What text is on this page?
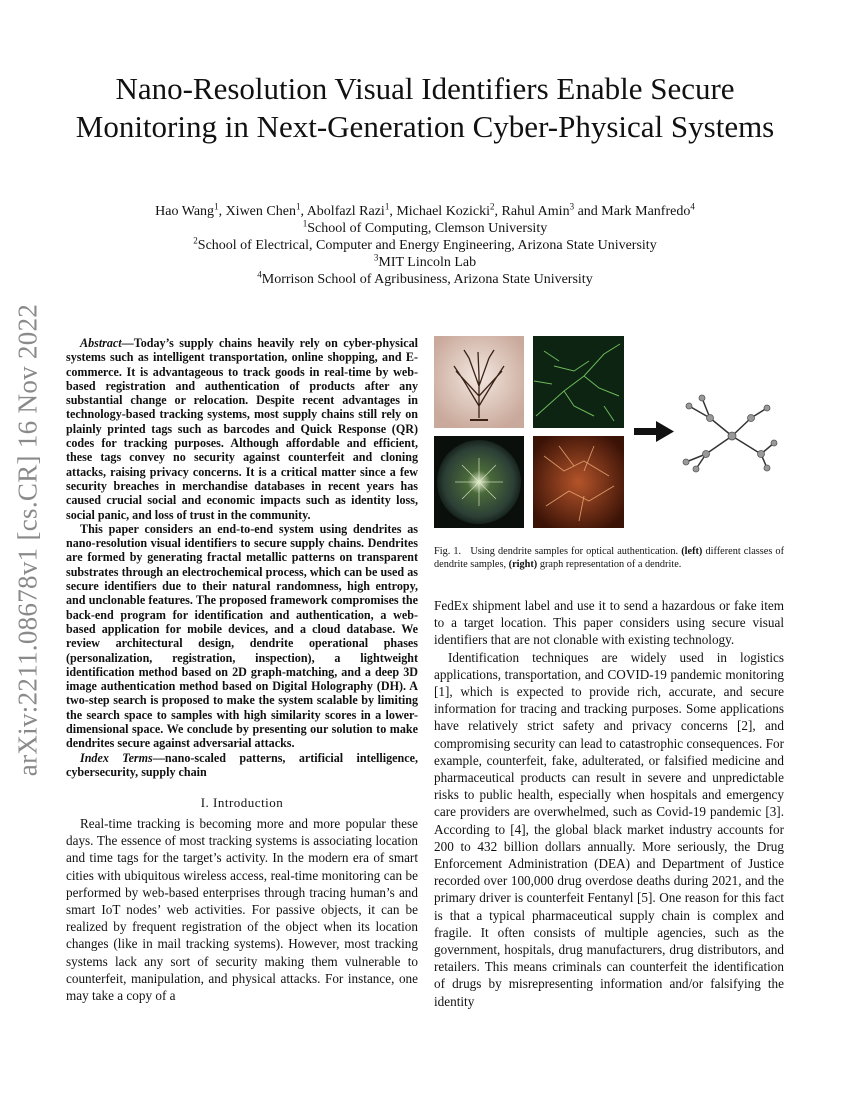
arXiv:2211.08678v1 [cs.CR] 16 Nov 2022
Nano-Resolution Visual Identifiers Enable Secure Monitoring in Next-Generation Cyber-Physical Systems
Hao Wang$^1$, Xiwen Chen$^1$, Abolfazl Razi$^1$, Michael Kozicki$^2$, Rahul Amin$^3$ and Mark Manfredo$^4$
$^1$School of Computing, Clemson University
$^2$School of Electrical, Computer and Energy Engineering, Arizona State University
$^3$MIT Lincoln Lab
$^4$Morrison School of Agribusiness, Arizona State University

Abstract—Today’s supply chains heavily rely on cyber-physical systems such as intelligent transportation, online shopping, and E-commerce. It is advantageous to track goods in real-time by web-based registration and authentication of products after any substantial change or relocation. Despite recent advantages in technology-based tracking systems, most supply chains still rely on plainly printed tags such as barcodes and Quick Response (QR) codes for tracking purposes. Although affordable and efficient, these tags convey no security against counterfeit and cloning attacks, raising privacy concerns. It is a critical matter since a few security breaches in merchandise databases in recent years has caused crucial social and economic impacts such as identity loss, social panic, and loss of trust in the community.

This paper considers an end-to-end system using dendrites as nano-resolution visual identifiers to secure supply chains. Dendrites are formed by generating fractal metallic patterns on transparent substrates through an electrochemical process, which can be used as secure identifiers due to their natural randomness, high entropy, and unclonable features. The proposed framework compromises the back-end program for identification and authentication, a web-based application for mobile devices, and a cloud database. We review architectural design, dendrite operational phases (personalization, registration, inspection), a lightweight identification method based on 2D graph-matching, and a deep 3D image authentication method based on Digital Holography (DH). A two-step search is proposed to make the system scalable by limiting the search space to samples with high similarity scores in a lower-dimensional space. We conclude by presenting our solution to make dendrites secure against adversarial attacks.

Index Terms—nano-scaled patterns, artificial intelligence, cybersecurity, supply chain

I. Introduction

Real-time tracking is becoming more and more popular these days. The essence of most tracking systems is associating location and time tags for the target’s activity. In the modern era of smart cities with ubiquitous wireless access, real-time monitoring can be performed by web-based enterprises through tracing human’s and smart IoT nodes’ web activities. For passive objects, it can be realized by frequent registration of the object when its location changes (like in mail tracking systems). However, most tracking systems lack any sort of security making them vulnerable to counterfeit, manipulation, and physical attacks. For instance, one may take a copy of a

Fig. 1. Using dendrite samples for optical authentication. (left) different classes of dendrite samples, (right) graph representation of a dendrite.

FedEx shipment label and use it to send a hazardous or fake item to a target location. This paper considers using secure visual identifiers that are not clonable with existing technology.

Identification techniques are widely used in logistics applications, transportation, and COVID-19 pandemic monitoring [1], which is expected to provide rich, accurate, and secure information for tracing and tracking purposes. Some applications have relatively strict safety and privacy concerns [2], and compromising security can lead to catastrophic consequences. For example, counterfeit, fake, adulterated, or falsified medicine and pharmaceutical products can result in severe and unpredictable risks to public health, especially when hospitals and emergency care providers are overwhelmed, such as Covid-19 pandemic [3]. According to [4], the global black market industry accounts for 200 to 432 billion dollars annually. More seriously, the Drug Enforcement Administration (DEA) and Department of Justice recorded over 100,000 drug overdose deaths during 2021, and the primary driver is counterfeit Fentanyl [5]. One reason for this fact is that a typical pharmaceutical supply chain is complex and fragile. It often consists of multiple agencies, such as the government, hospitals, drug manufacturers, drug distributors, and retailers. This means criminals can counterfeit the identification of drugs by misrepresenting information and/or falsifying the identity
